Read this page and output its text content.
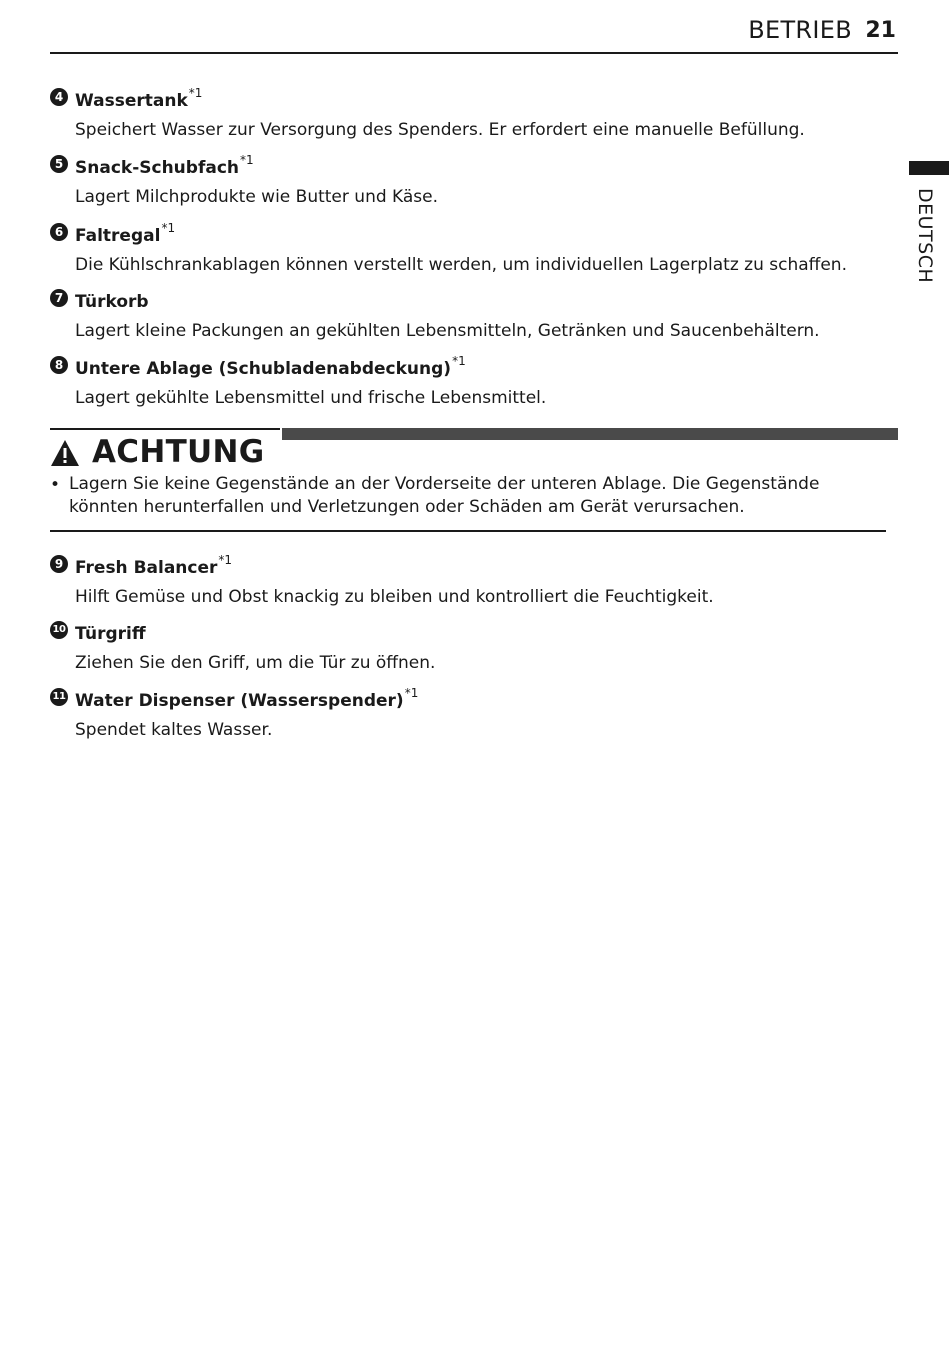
BETRIEB 21
DEUTSCH
4 Wassertank$^{*1}$
Speichert Wasser zur Versorgung des Spenders. Er erfordert eine manuelle Befüllung.
5 Snack-Schubfach$^{*1}$
Lagert Milchprodukte wie Butter und Käse.
6 Faltregal$^{*1}$
Die Kühlschrankablagen können verstellt werden, um individuellen Lagerplatz zu schaffen.
7 Türkorb
Lagert kleine Packungen an gekühlten Lebensmitteln, Getränken und Saucenbehältern.
8 Untere Ablage (Schubladenabdeckung)$^{*1}$
Lagert gekühlte Lebensmittel und frische Lebensmittel.
ACHTUNG
• Lagern Sie keine Gegenstände an der Vorderseite der unteren Ablage. Die Gegenstände könnten herunterfallen und Verletzungen oder Schäden am Gerät verursachen.
9 Fresh Balancer$^{*1}$
Hilft Gemüse und Obst knackig zu bleiben und kontrolliert die Feuchtigkeit.
10 Türgriff
Ziehen Sie den Griff, um die Tür zu öffnen.
11 Water Dispenser (Wasserspender)$^{*1}$
Spendet kaltes Wasser.
